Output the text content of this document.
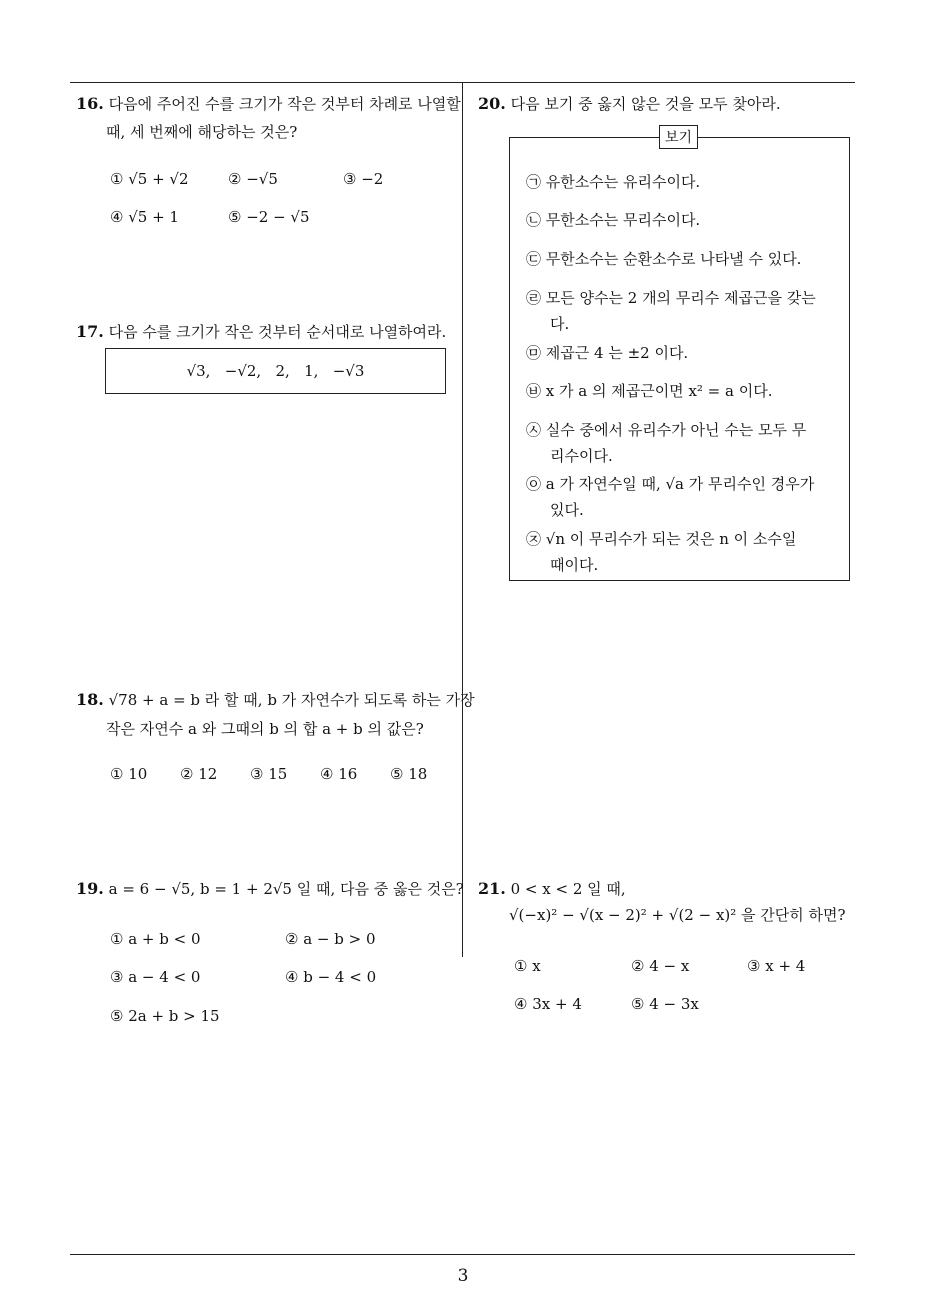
16. 다음에 주어진 수를 크기가 작은 것부터 차례로 나열할
때, 세 번째에 해당하는 것은?
① √5 + √2	② −√5	③ −2
④ √5 + 1	⑤ −2 − √5
17. 다음 수를 크기가 작은 것부터 순서대로 나열하여라.
√3,   −√2,   2,   1,   −√3
18. √78 + a = b 라 할 때, b 가 자연수가 되도록 하는 가장
작은 자연수 a 와 그때의 b 의 합 a + b 의 값은?
① 10 ② 12 ③ 15 ④ 16 ⑤ 18
19. a = 6 − √5, b = 1 + 2√5 일 때, 다음 중 옳은 것은?
① a + b < 0	② a − b > 0
③ a − 4 < 0	④ b − 4 < 0
⑤ 2a + b > 15
20. 다음 보기 중 옳지 않은 것을 모두 찾아라.
보기
㉠ 유한소수는 유리수이다.
㉡ 무한소수는 무리수이다.
㉢ 무한소수는 순환소수로 나타낼 수 있다.
㉣ 모든 양수는 2 개의 무리수 제곱근을 갖는
다.
㉤ 제곱근 4 는 ±2 이다.
㉥ x 가 a 의 제곱근이면 x² = a 이다.
㉦ 실수 중에서 유리수가 아닌 수는 모두 무
리수이다.
㉧ a 가 자연수일 때, √a 가 무리수인 경우가
있다.
㉨ √n 이 무리수가 되는 것은 n 이 소수일
때이다.
21. 0 < x < 2 일 때,
√(−x)² − √(x − 2)² + √(2 − x)² 을 간단히 하면?
① x	② 4 − x	③ x + 4
④ 3x + 4	⑤ 4 − 3x
3
